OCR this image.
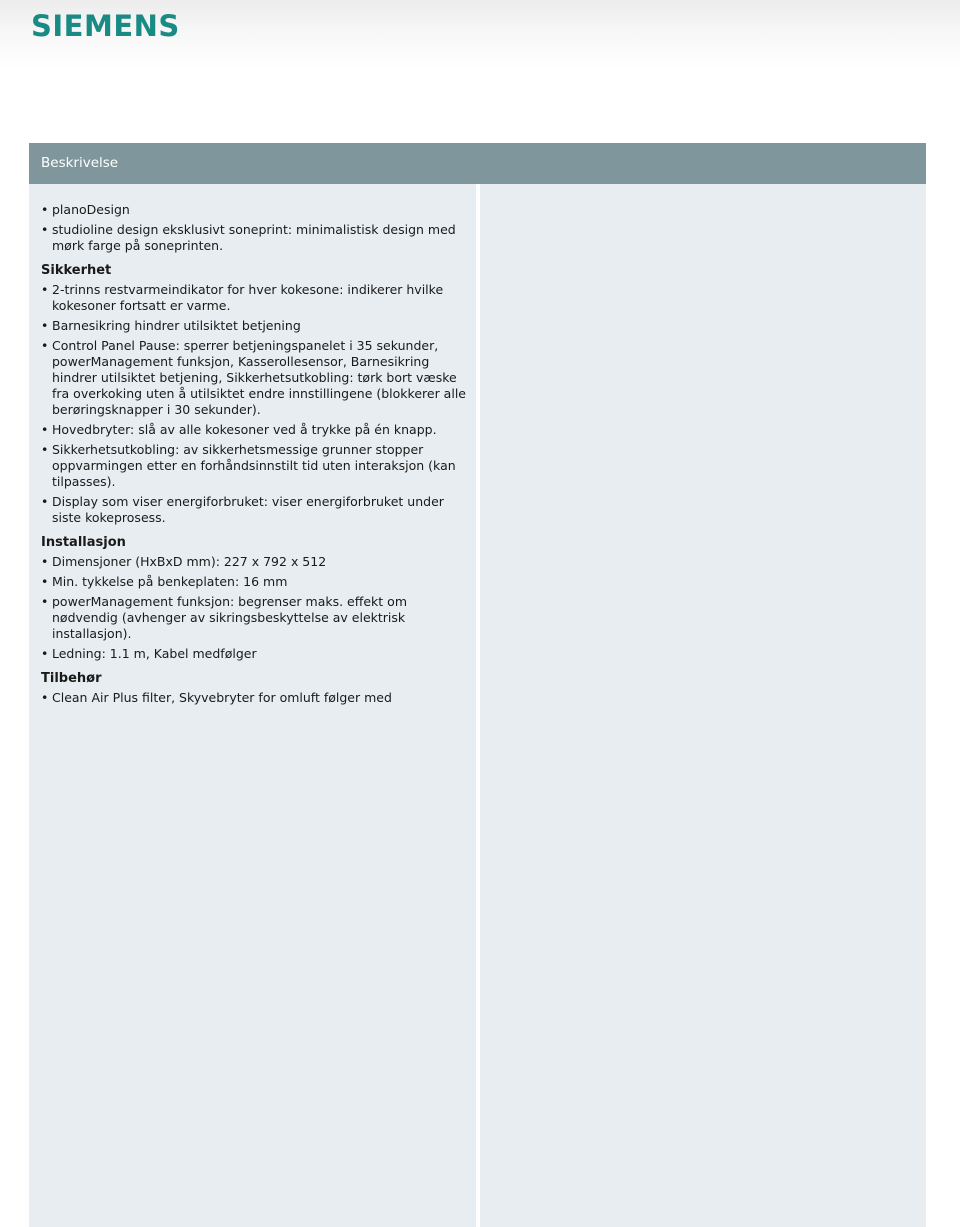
SIEMENS
Beskrivelse
• planoDesign
• studioline design eksklusivt soneprint: minimalistisk design med mørk farge på soneprinten.
Sikkerhet
• 2-trinns restvarmeindikator for hver kokesone: indikerer hvilke kokesoner fortsatt er varme.
• Barnesikring hindrer utilsiktet betjening
• Control Panel Pause: sperrer betjeningspanelet i 35 sekunder, powerManagement funksjon, Kasserollesensor, Barnesikring hindrer utilsiktet betjening, Sikkerhetsutkobling: tørk bort væske fra overkoking uten å utilsiktet endre innstillingene (blokkerer alle berøringsknapper i 30 sekunder).
• Hovedbryter: slå av alle kokesoner ved å trykke på én knapp.
• Sikkerhetsutkobling: av sikkerhetsmessige grunner stopper oppvarmingen etter en forhåndsinnstilt tid uten interaksjon (kan tilpasses).
• Display som viser energiforbruket: viser energiforbruket under siste kokeprosess.
Installasjon
• Dimensjoner (HxBxD mm): 227 x 792 x 512
• Min. tykkelse på benkeplaten: 16 mm
• powerManagement funksjon: begrenser maks. effekt om nødvendig (avhenger av sikringsbeskyttelse av elektrisk installasjon).
• Ledning: 1.1 m, Kabel medfølger
Tilbehør
• Clean Air Plus filter, Skyvebryter for omluft følger med
